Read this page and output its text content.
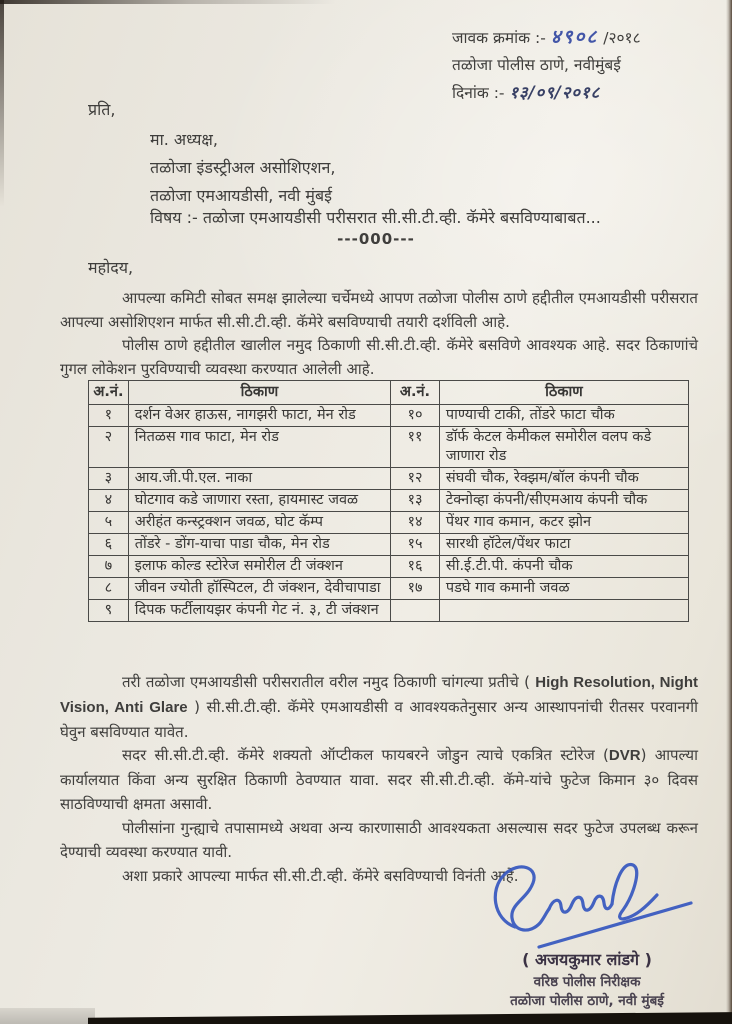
जावक क्रमांक :- ४९०८ /२०१८
तळोजा पोलीस ठाणे, नवीमुंबई
दिनांक :- १३/०९/२०१८
प्रति,
मा. अध्यक्ष,
तळोजा इंडस्ट्रीअल असोशिएशन,
तळोजा एमआयडीसी, नवी मुंबई
विषय :- तळोजा एमआयडीसी परीसरात सी.सी.टी.व्ही. कॅमेरे बसविण्याबाबत...
---000---
महोदय,
आपल्या कमिटी सोबत समक्ष झालेल्या चर्चेमध्ये आपण तळोजा पोलीस ठाणे हद्दीतील एमआयडीसी परीसरात आपल्या असोशिएशन मार्फत सी.सी.टी.व्ही. कॅमेरे बसविण्याची तयारी दर्शविली आहे.
पोलीस ठाणे हद्दीतील खालील नमुद ठिकाणी सी.सी.टी.व्ही. कॅमेरे बसविणे आवश्यक आहे. सदर ठिकाणांचे गुगल लोकेशन पुरविण्याची व्यवस्था करण्यात आलेली आहे.
अ.नं.	ठिकाण	अ.नं.	ठिकाण
१	दर्शन वेअर हाऊस, नागझरी फाटा, मेन रोड	१०	पाण्याची टाकी, तोंडरे फाटा चौक
२	नितळस गाव फाटा, मेन रोड	११	डॉर्फ केटल केमीकल समोरील वलप कडे जाणारा रोड
३	आय.जी.पी.एल. नाका	१२	संघवी चौक, रेक्झम/बॉल कंपनी चौक
४	घोटगाव कडे जाणारा रस्ता, हायमास्ट जवळ	१३	टेक्नोव्हा कंपनी/सीएमआय कंपनी चौक
५	अरीहंत कन्स्ट्रक्शन जवळ, घोट कॅम्प	१४	पेंथर गाव कमान, कटर झोन
६	तोंडरे - डोंग-याचा पाडा चौक, मेन रोड	१५	सारथी हॉटेल/पेंथर फाटा
७	इलाफ कोल्ड स्टोरेज समोरील टी जंक्शन	१६	सी.ई.टी.पी. कंपनी चौक
८	जीवन ज्योती हॉस्पिटल, टी जंक्शन, देवीचापाडा	१७	पडघे गाव कमानी जवळ
९	दिपक फर्टीलायझर कंपनी गेट नं. ३, टी जंक्शन		
तरी तळोजा एमआयडीसी परीसरातील वरील नमुद ठिकाणी चांगल्या प्रतीचे ( High Resolution, Night Vision, Anti Glare ) सी.सी.टी.व्ही. कॅमेरे एमआयडीसी व आवश्यकतेनुसार अन्य आस्थापनांची रीतसर परवानगी घेवुन बसविण्यात यावेत.
सदर सी.सी.टी.व्ही. कॅमेरे शक्यतो ऑप्टीकल फायबरने जोडुन त्याचे एकत्रित स्टोरेज (DVR) आपल्या कार्यालयात किंवा अन्य सुरक्षित ठिकाणी ठेवण्यात यावा. सदर सी.सी.टी.व्ही. कॅमे-यांचे फुटेज किमान ३० दिवस साठविण्याची क्षमता असावी.
पोलीसांना गुन्ह्याचे तपासामध्ये अथवा अन्य कारणासाठी आवश्यकता असल्यास सदर फुटेज उपलब्ध करून देण्याची व्यवस्था करण्यात यावी.
अशा प्रकारे आपल्या मार्फत सी.सी.टी.व्ही. कॅमेरे बसविण्याची विनंती आहे.
( अजयकुमार लांडगे )
वरिष्ठ पोलीस निरीक्षक
तळोजा पोलीस ठाणे, नवी मुंबई
